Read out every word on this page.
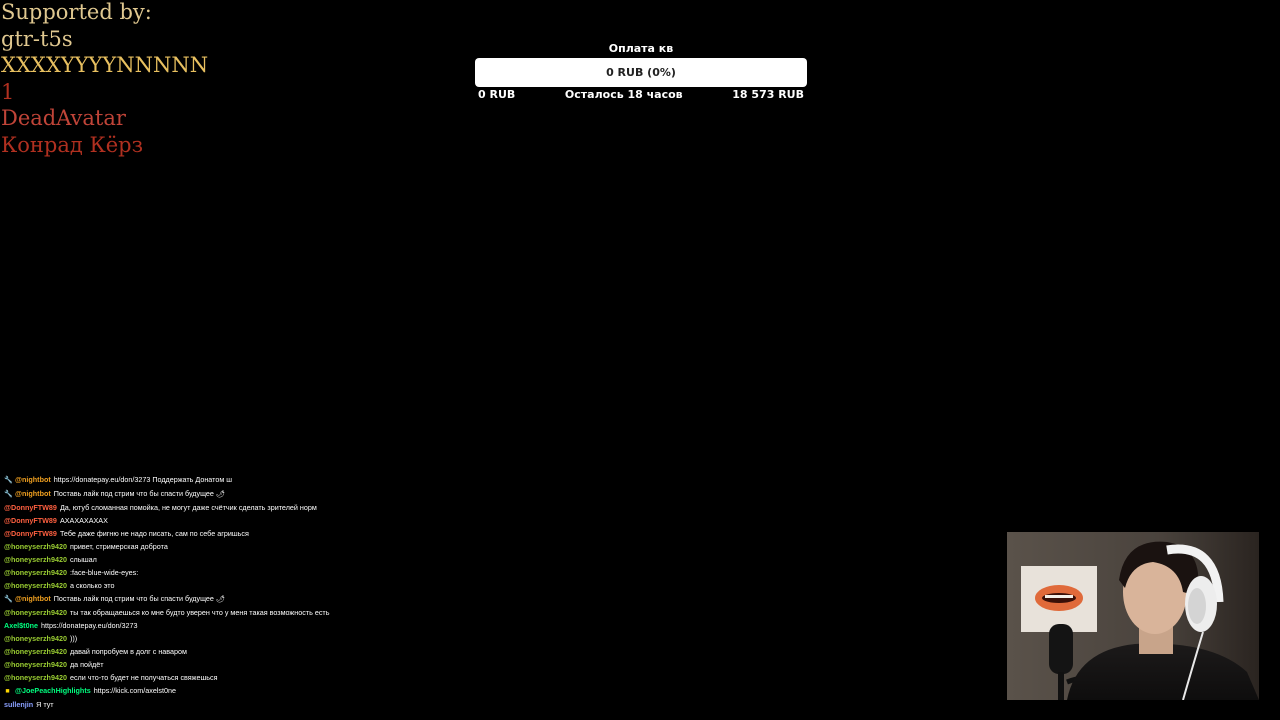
Supported by:
gtr-t5s
XXXXYYYYNNNNN
1
DeadAvatar
Конрад Кёрз
Оплата кв
0 RUB (0%)
0 RUB	Осталось 18 часов	18 573 RUB
🔧 @nightbot https://donatepay.eu/don/3273 Поддержать Донатом ш
🔧 @nightbot Поставь лайк под стрим что бы спасти будущее 🌶
@DonnyFTW89 Да, ютуб сломанная помойка, не могут даже счётчик сделать зрителей норм
@DonnyFTW89 АХАХАХАХАХ
@DonnyFTW89 Тебе даже фигню не надо писать, сам по себе агришься
@honeyserzh9420 привет, стримерская доброта
@honeyserzh9420 слышал
@honeyserzh9420 :face-blue-wide-eyes:
@honeyserzh9420 а сколько это
🔧 @nightbot Поставь лайк под стрим что бы спасти будущее 🌶
@honeyserzh9420 ты так обращаешься ко мне будто уверен что у меня такая возможность есть
Axel$t0ne https://donatepay.eu/don/3273
@honeyserzh9420 )))
@honeyserzh9420 давай попробуем в долг с наваром
@honeyserzh9420 да пойдёт
@honeyserzh9420 если что-то будет не получаться свяжешься
■ @JoePeachHighlights https://kick.com/axelst0ne
sullenjin Я тут
